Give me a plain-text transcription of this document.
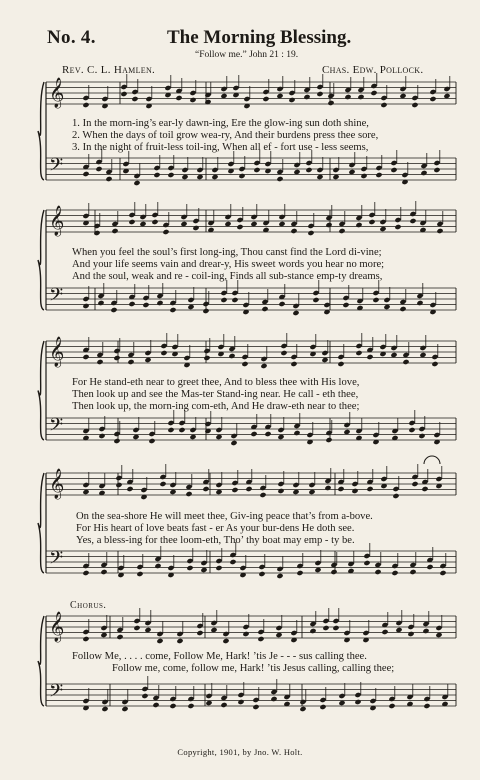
No. 4.	The Morning Blessing.
“Follow me.” John 21 : 19.
Rev. C. L. Hamlen.	Chas. Edw. Pollock.
𝄞
𝄢
𝄞
𝄢
𝄞
𝄢
𝄞
𝄢
𝄞
𝄢
1. In the morn-ing’s ear-ly dawn-ing, Ere the glow-ing sun doth shine,
2. When the days of toil grow wea-ry, And their burdens press thee sore,
3. In the night of fruit-less toil-ing, When all ef - fort use - less seems,
When you feel the soul’s first long-ing, Thou canst find the Lord di-vine;
And your life seems vain and drear-y, His sweet words you hear no more;
And the soul, weak and re - coil-ing, Finds all sub-stance emp-ty dreams,
For He stand-eth near to greet thee, And to bless thee with His love,
Then look up and see the Mas-ter Stand-ing near. He call - eth thee,
Then look up, the morn-ing com-eth, And He draw-eth near to thee;
On the sea-shore He will meet thee, Giv-ing peace that’s from a-bove.
For His heart of love beats fast - er As your bur-dens He doth see.
Yes, a bless-ing for thee loom-eth, Tho’ thy boat may emp - ty be.
Chorus.
Follow Me, . . . . come, Follow Me, Hark! ’tis Je - - - sus calling thee.
Follow me, come, follow me, Hark! ’tis Jesus calling, calling thee;
Copyright, 1901, by Jno. W. Holt.
